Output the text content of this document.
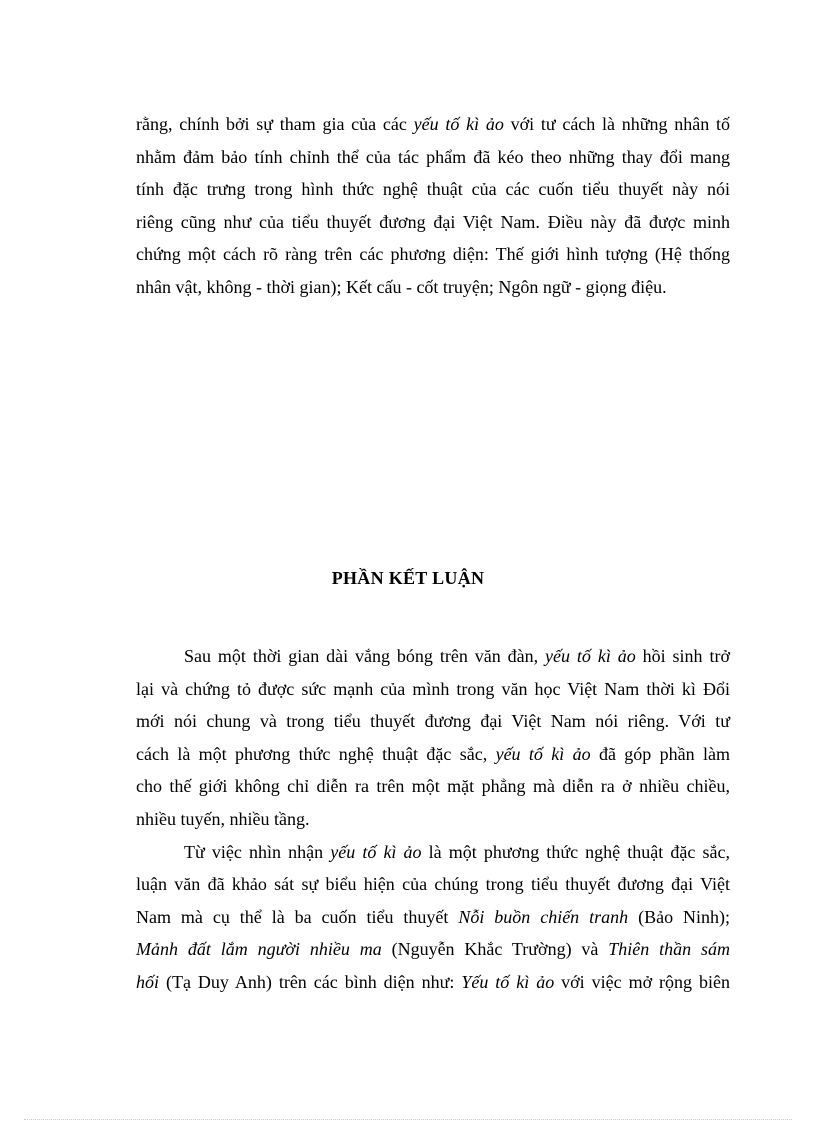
rằng, chính bởi sự tham gia của các yếu tố kì ảo với tư cách là những nhân tố
nhằm đảm bảo tính chỉnh thể của tác phẩm đã kéo theo những thay đổi mang
tính đặc trưng trong hình thức nghệ thuật của các cuốn tiểu thuyết này nói
riêng cũng như của tiểu thuyết đương đại Việt Nam. Điều này đã được minh
chứng một cách rõ ràng trên các phương diện: Thế giới hình tượng (Hệ thống
nhân vật, không - thời gian); Kết cấu - cốt truyện; Ngôn ngữ - giọng điệu.
PHẦN KẾT LUẬN
Sau một thời gian dài vắng bóng trên văn đàn, yếu tố kì ảo hồi sinh trở
lại và chứng tỏ được sức mạnh của mình trong văn học Việt Nam thời kì Đổi
mới nói chung và trong tiểu thuyết đương đại Việt Nam nói riêng. Với tư
cách là một phương thức nghệ thuật đặc sắc, yếu tố kì ảo đã góp phần làm
cho thế giới không chỉ diễn ra trên một mặt phẳng mà diễn ra ở nhiều chiều,
nhiều tuyến, nhiều tầng.
Từ việc nhìn nhận yếu tố kì ảo là một phương thức nghệ thuật đặc sắc,
luận văn đã khảo sát sự biểu hiện của chúng trong tiểu thuyết đương đại Việt
Nam mà cụ thể là ba cuốn tiểu thuyết Nỗi buồn chiến tranh (Bảo Ninh);
Mảnh đất lắm người nhiều ma (Nguyễn Khắc Trường) và Thiên thần sám
hối (Tạ Duy Anh) trên các bình diện như: Yếu tố kì ảo với việc mở rộng biên
